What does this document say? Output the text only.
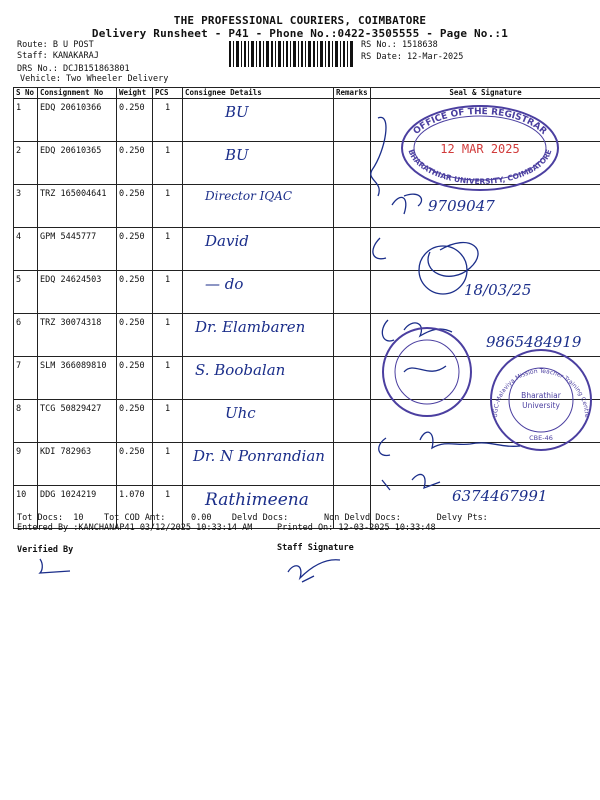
THE PROFESSIONAL COURIERS, COIMBATORE
Delivery Runsheet - P41 - Phone No.:0422-3505555 - Page No.:1
Route: B U POST
Staff: KANAKARAJ
DRS No.: DCJB151863801
Vehicle: Two Wheeler Delivery
RS No.: 1518638
RS Date: 12-Mar-2025
S No	Consignment No	Weight	PCS	Consignee Details	Remarks	Seal & Signature
1	EDQ 20610366	0.250	1	BU		
2	EDQ 20610365	0.250	1	BU		
3	TRZ 165004641	0.250	1	Director IQAC		
4	GPM 5445777	0.250	1	David		
5	EDQ 24624503	0.250	1	— do		
6	TRZ 30074318	0.250	1	Dr. Elambaren		
7	SLM 366089810	0.250	1	S. Boobalan		
8	TCG 50829427	0.250	1	Uhc		
9	KDI 782963	0.250	1	Dr. N Ponrandian		
10	DDG 1024219	1.070	1	Rathimeena		
OFFICE OF THE REGISTRAR
BHARATHIAR UNIVERSITY, COIMBATORE
12 MAR 2025
9709047
18/03/25
9865484919
UGC-Malaviya Mission Teacher Training Centre
Bharathiar
University
CBE-46
6374467991
Tot Docs:  10    Tot COD Amt:     0.00    Delvd Docs:       Non Delvd Docs:       Delvy Pts:
Entered By :KANCHANAP41 03/12/2025 10:33:14 AM	Printed On: 12-03-2025 10:33:48
Verified By	Staff Signature
